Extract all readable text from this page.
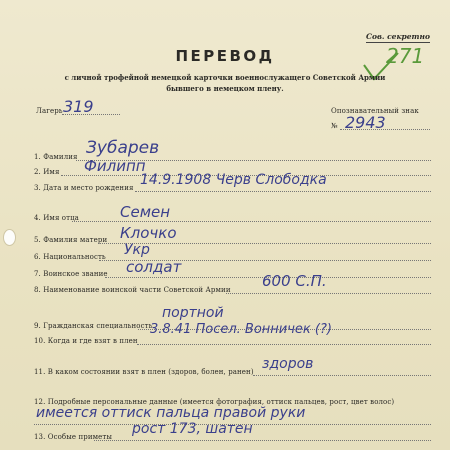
Сов. секретно
271
ПЕРЕВОД
с личной трофейной немецкой карточки военнослужащего Советской Армии
бывшего в немецком плену.
Лагерь 319	Опознавательный знак
№ 2943
1. Фамилия Зубарев
2. Имя Филипп
3. Дата и место рождения 14.9.1908 Черв Слободка
4. Имя отца	Семен
5. Фамилия матери Клочко
6. Национальность Укр
7. Воинское звание солдат
8. Наименование воинской части Советской Армии 600 С.П.
9. Гражданская специальность
портной
10. Когда и где взят в плен
3.8.41 Посел. Вонничек (?)
11. В каком состоянии взят в плен (здоров, болен, ранен) здоров
12. Подробные персональные данные (имеется фотография, оттиск пальцев, рост, цвет волос)
имеется оттиск пальца правой руки
13. Особые приметы рост 173, шатен
